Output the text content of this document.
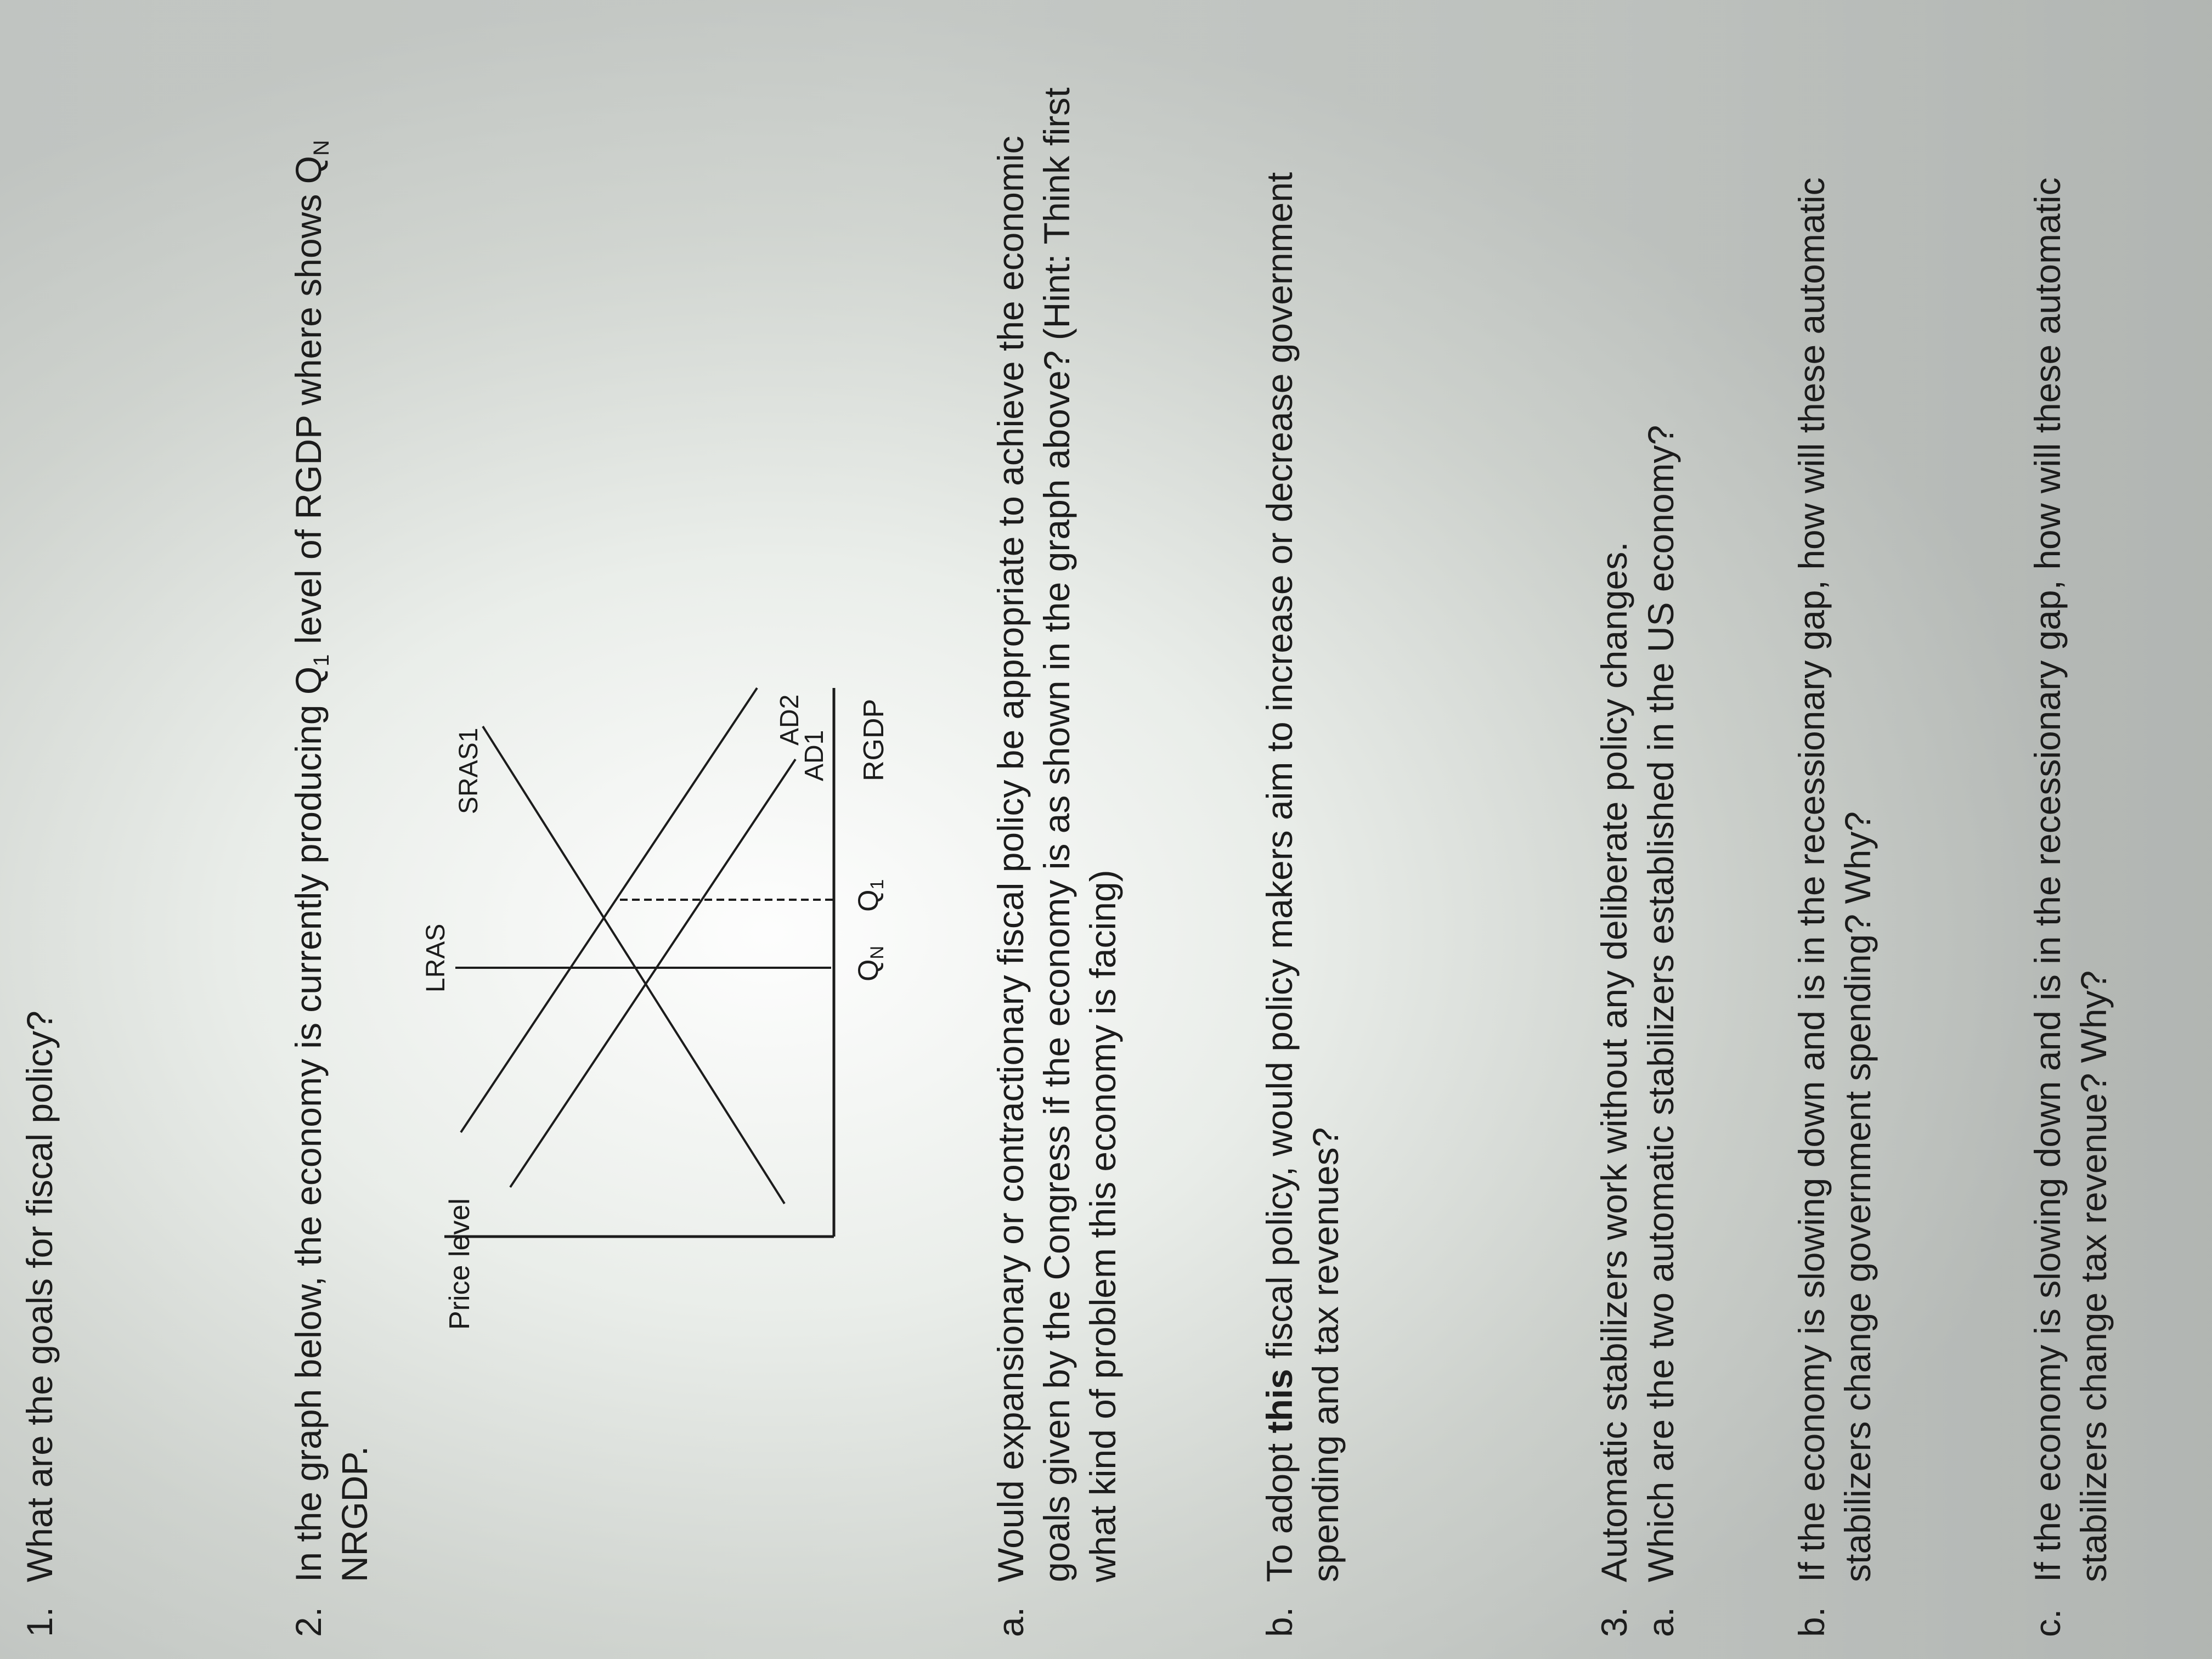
1.
What are the goals for fiscal policy?
2.
In the graph below, the economy is currently producing $Q_1$ level of RGDP where shows $Q_N$
NRGDP.
Price level
RGDP
LRAS
SRAS1	AD1
AD2
QN
Q1
a.
Would expansionary or contractionary fiscal policy be appropriate to achieve the economic goals given by the Congress if the economy is as shown in the graph above? (Hint: Think first what kind of problem this economy is facing)
b.
To adopt this fiscal policy, would policy makers aim to increase or decrease government spending and tax revenues?
3.
Automatic stabilizers work without any deliberate policy changes.
a.
Which are the two automatic stabilizers established in the US economy?
b.
If the economy is slowing down and is in the recessionary gap, how will these automatic stabilizers change government spending? Why?
c.
If the economy is slowing down and is in the recessionary gap, how will these automatic stabilizers change tax revenue? Why?
